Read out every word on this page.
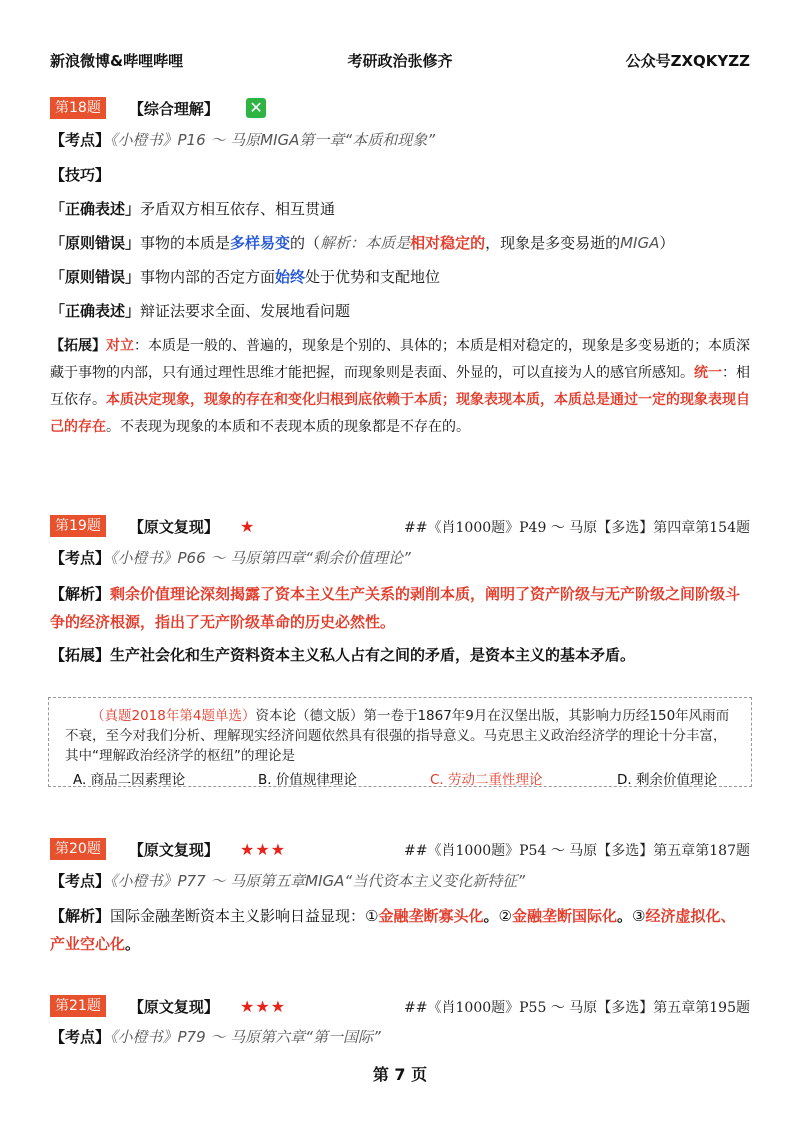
新浪微博&哔哩哔哩	考研政治张修齐	公众号ZXQKYZZ
第18题 【综合理解】 ✕
【考点】《小橙书》P16 ～ 马原MIGA第一章“本质和现象”
【技巧】
「正确表述」矛盾双方相互依存、相互贯通
「原则错误」事物的本质是多样易变的（解析：本质是相对稳定的，现象是多变易逝的MIGA）
「原则错误」事物内部的否定方面始终处于优势和支配地位
「正确表述」辩证法要求全面、发展地看问题
【拓展】对立：本质是一般的、普遍的，现象是个别的、具体的；本质是相对稳定的，现象是多变易逝的；本质深藏于事物的内部，只有通过理性思维才能把握，而现象则是表面、外显的，可以直接为人的感官所感知。统一：相互依存。本质决定现象，现象的存在和变化归根到底依赖于本质；现象表现本质，本质总是通过一定的现象表现自己的存在。不表现为现象的本质和不表现本质的现象都是不存在的。
第19题 【原文复现】 ★	##《肖1000题》P49 ～ 马原【多选】第四章第154题
【考点】《小橙书》P66 ～ 马原第四章“剩余价值理论”
【解析】剩余价值理论深刻揭露了资本主义生产关系的剥削本质，阐明了资产阶级与无产阶级之间阶级斗争的经济根源，指出了无产阶级革命的历史必然性。
【拓展】生产社会化和生产资料资本主义私人占有之间的矛盾，是资本主义的基本矛盾。
（真题2018年第4题单选）资本论（德文版）第一卷于1867年9月在汉堡出版，其影响力历经150年风雨而不衰，至今对我们分析、理解现实经济问题依然具有很强的指导意义。马克思主义政治经济学的理论十分丰富，其中“理解政治经济学的枢纽”的理论是
A. 商品二因素理论	B. 价值规律理论	C. 劳动二重性理论	D. 剩余价值理论
第20题 【原文复现】 ★★★	##《肖1000题》P54 ～ 马原【多选】第五章第187题
【考点】《小橙书》P77 ～ 马原第五章MIGA“当代资本主义变化新特征”
【解析】国际金融垄断资本主义影响日益显现：①金融垄断寡头化。②金融垄断国际化。③经济虚拟化、产业空心化。
第21题 【原文复现】 ★★★	##《肖1000题》P55 ～ 马原【多选】第五章第195题
【考点】《小橙书》P79 ～ 马原第六章“第一国际”
第 7 页
